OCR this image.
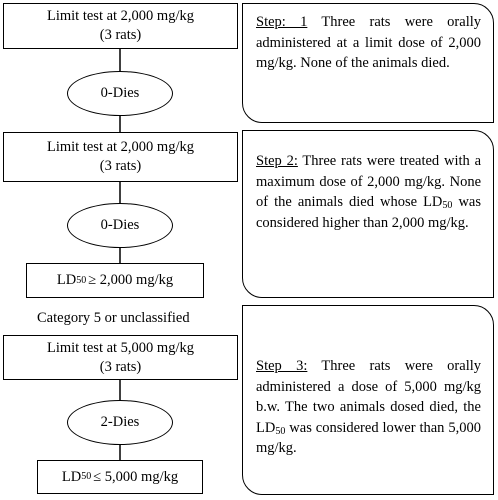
Limit test at 2,000 mg/kg
(3 rats)
0-Dies
Limit test at 2,000 mg/kg
(3 rats)
0-Dies
LD 50 ≥ 2,000 mg/kg
Category 5 or unclassified
Limit test at 5,000 mg/kg
(3 rats)
2-Dies
LD 50 ≤ 5,000 mg/kg
Step: 1 Three rats were orally administered at a limit dose of 2,000 mg/kg. None of the animals died.
Step 2: Three rats were treated with a maximum dose of 2,000 mg/kg. None of the animals died whose $LD_{50}$ was considered higher than 2,000 mg/kg.
Step 3: Three rats were orally administered a dose of 5,000 mg/kg b.w. The two animals dosed died, the $LD_{50}$ was considered lower than 5,000 mg/kg.
